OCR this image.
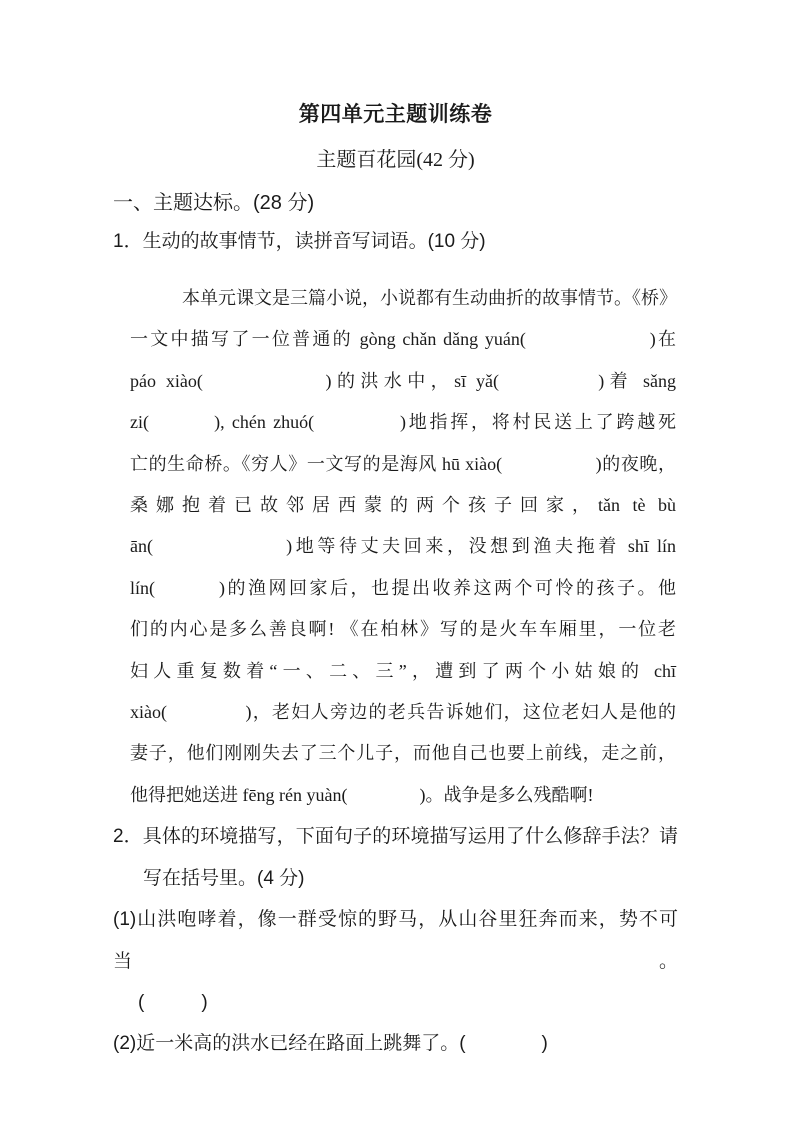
第四单元主题训练卷
主题百花园(42 分)
一、主题达标。(28 分)
1．生动的故事情节，读拼音写词语。(10 分)
本单元课文是三篇小说，小说都有生动曲折的故事情节。《桥》
一文中描写了一位普通的 gòng chǎn dǎng yuán(　　　　　　)在
páo xiào(　　　　　)的洪水中，sī yǎ(　　　　)着 sǎng
zi(　　　), chén zhuó(　　　　)地指挥，将村民送上了跨越死
亡的生命桥。《穷人》一文写的是海风 hū xiào(　　　　　)的夜晚，
桑娜抱着已故邻居西蒙的两个孩子回家，tǎn tè bù
ān(　　　　　　)地等待丈夫回来，没想到渔夫拖着 shī lín
lín(　　　)的渔网回家后，也提出收养这两个可怜的孩子。他
们的内心是多么善良啊! 《在柏林》写的是火车车厢里，一位老
妇人重复数着“一、二、三”，遭到了两个小姑娘的 chī
xiào(　　　　)，老妇人旁边的老兵告诉她们，这位老妇人是他的
妻子，他们刚刚失去了三个儿子，而他自己也要上前线，走之前，
他得把她送进 fēng rén yuàn(　　　　)。战争是多么残酷啊!
2．具体的环境描写，下面句子的环境描写运用了什么修辞手法？请
写在括号里。(4 分)
(1)山洪咆哮着，像一群受惊的野马，从山谷里狂奔而来，势不可当。
(　　　)
(2)近一米高的洪水已经在路面上跳舞了。(　　　　)
